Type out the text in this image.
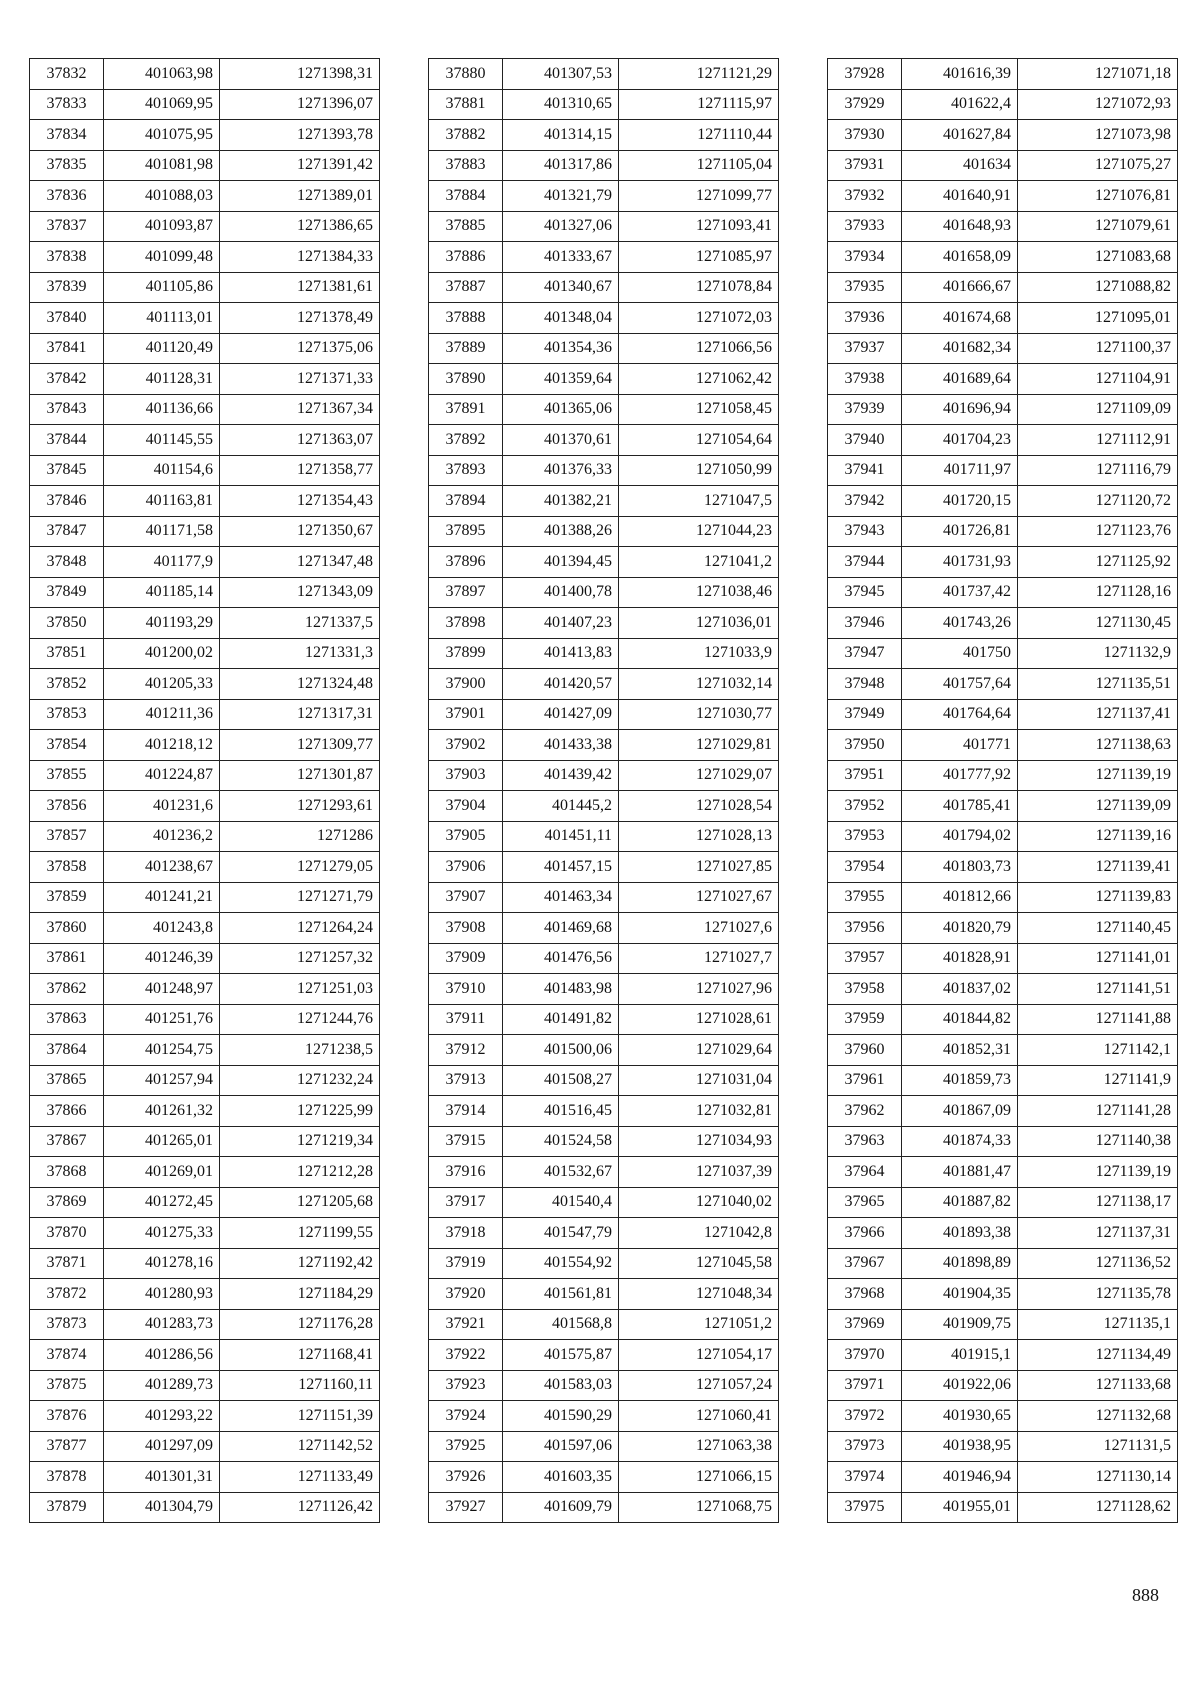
37832	401063,98	1271398,31
37833	401069,95	1271396,07
37834	401075,95	1271393,78
37835	401081,98	1271391,42
37836	401088,03	1271389,01
37837	401093,87	1271386,65
37838	401099,48	1271384,33
37839	401105,86	1271381,61
37840	401113,01	1271378,49
37841	401120,49	1271375,06
37842	401128,31	1271371,33
37843	401136,66	1271367,34
37844	401145,55	1271363,07
37845	401154,6	1271358,77
37846	401163,81	1271354,43
37847	401171,58	1271350,67
37848	401177,9	1271347,48
37849	401185,14	1271343,09
37850	401193,29	1271337,5
37851	401200,02	1271331,3
37852	401205,33	1271324,48
37853	401211,36	1271317,31
37854	401218,12	1271309,77
37855	401224,87	1271301,87
37856	401231,6	1271293,61
37857	401236,2	1271286
37858	401238,67	1271279,05
37859	401241,21	1271271,79
37860	401243,8	1271264,24
37861	401246,39	1271257,32
37862	401248,97	1271251,03
37863	401251,76	1271244,76
37864	401254,75	1271238,5
37865	401257,94	1271232,24
37866	401261,32	1271225,99
37867	401265,01	1271219,34
37868	401269,01	1271212,28
37869	401272,45	1271205,68
37870	401275,33	1271199,55
37871	401278,16	1271192,42
37872	401280,93	1271184,29
37873	401283,73	1271176,28
37874	401286,56	1271168,41
37875	401289,73	1271160,11
37876	401293,22	1271151,39
37877	401297,09	1271142,52
37878	401301,31	1271133,49
37879	401304,79	1271126,42
37880	401307,53	1271121,29
37881	401310,65	1271115,97
37882	401314,15	1271110,44
37883	401317,86	1271105,04
37884	401321,79	1271099,77
37885	401327,06	1271093,41
37886	401333,67	1271085,97
37887	401340,67	1271078,84
37888	401348,04	1271072,03
37889	401354,36	1271066,56
37890	401359,64	1271062,42
37891	401365,06	1271058,45
37892	401370,61	1271054,64
37893	401376,33	1271050,99
37894	401382,21	1271047,5
37895	401388,26	1271044,23
37896	401394,45	1271041,2
37897	401400,78	1271038,46
37898	401407,23	1271036,01
37899	401413,83	1271033,9
37900	401420,57	1271032,14
37901	401427,09	1271030,77
37902	401433,38	1271029,81
37903	401439,42	1271029,07
37904	401445,2	1271028,54
37905	401451,11	1271028,13
37906	401457,15	1271027,85
37907	401463,34	1271027,67
37908	401469,68	1271027,6
37909	401476,56	1271027,7
37910	401483,98	1271027,96
37911	401491,82	1271028,61
37912	401500,06	1271029,64
37913	401508,27	1271031,04
37914	401516,45	1271032,81
37915	401524,58	1271034,93
37916	401532,67	1271037,39
37917	401540,4	1271040,02
37918	401547,79	1271042,8
37919	401554,92	1271045,58
37920	401561,81	1271048,34
37921	401568,8	1271051,2
37922	401575,87	1271054,17
37923	401583,03	1271057,24
37924	401590,29	1271060,41
37925	401597,06	1271063,38
37926	401603,35	1271066,15
37927	401609,79	1271068,75
37928	401616,39	1271071,18
37929	401622,4	1271072,93
37930	401627,84	1271073,98
37931	401634	1271075,27
37932	401640,91	1271076,81
37933	401648,93	1271079,61
37934	401658,09	1271083,68
37935	401666,67	1271088,82
37936	401674,68	1271095,01
37937	401682,34	1271100,37
37938	401689,64	1271104,91
37939	401696,94	1271109,09
37940	401704,23	1271112,91
37941	401711,97	1271116,79
37942	401720,15	1271120,72
37943	401726,81	1271123,76
37944	401731,93	1271125,92
37945	401737,42	1271128,16
37946	401743,26	1271130,45
37947	401750	1271132,9
37948	401757,64	1271135,51
37949	401764,64	1271137,41
37950	401771	1271138,63
37951	401777,92	1271139,19
37952	401785,41	1271139,09
37953	401794,02	1271139,16
37954	401803,73	1271139,41
37955	401812,66	1271139,83
37956	401820,79	1271140,45
37957	401828,91	1271141,01
37958	401837,02	1271141,51
37959	401844,82	1271141,88
37960	401852,31	1271142,1
37961	401859,73	1271141,9
37962	401867,09	1271141,28
37963	401874,33	1271140,38
37964	401881,47	1271139,19
37965	401887,82	1271138,17
37966	401893,38	1271137,31
37967	401898,89	1271136,52
37968	401904,35	1271135,78
37969	401909,75	1271135,1
37970	401915,1	1271134,49
37971	401922,06	1271133,68
37972	401930,65	1271132,68
37973	401938,95	1271131,5
37974	401946,94	1271130,14
37975	401955,01	1271128,62
888
